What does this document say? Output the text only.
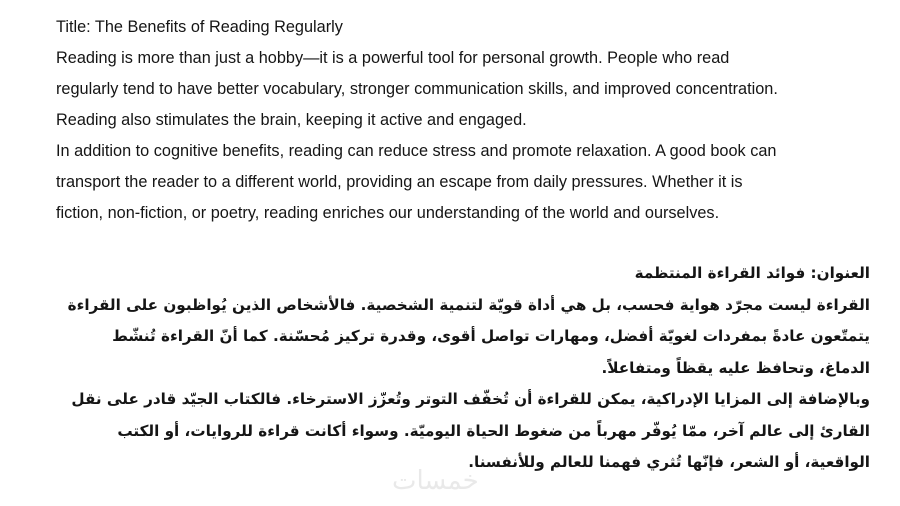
Title: The Benefits of Reading Regularly
Reading is more than just a hobby—it is a powerful tool for personal growth. People who read
regularly tend to have better vocabulary, stronger communication skills, and improved concentration.
Reading also stimulates the brain, keeping it active and engaged.
In addition to cognitive benefits, reading can reduce stress and promote relaxation. A good book can
transport the reader to a different world, providing an escape from daily pressures. Whether it is
fiction, non-fiction, or poetry, reading enriches our understanding of the world and ourselves.
العنوان: فوائد القراءة المنتظمة
القراءة ليست مجرّد هواية فحسب، بل هي أداة قويّة لتنمية الشخصية. فالأشخاص الذين يُواظبون على القراءة
يتمتّعون عادةً بمفردات لغويّة أفضل، ومهارات تواصل أقوى، وقدرة تركيز مُحسّنة. كما أنّ القراءة تُنشّط
الدماغ، وتحافظ عليه يقظاً ومتفاعلاً.
وبالإضافة إلى المزايا الإدراكية، يمكن للقراءة أن تُخفّف التوتر وتُعزّز الاسترخاء. فالكتاب الجيّد قادر على نقل
القارئ إلى عالم آخر، ممّا يُوفّر مهرباً من ضغوط الحياة اليوميّة. وسواء أكانت قراءة للروايات، أو الكتب
الواقعية، أو الشعر، فإنّها تُثري فهمنا للعالم وللأنفسنا.
خمسات
